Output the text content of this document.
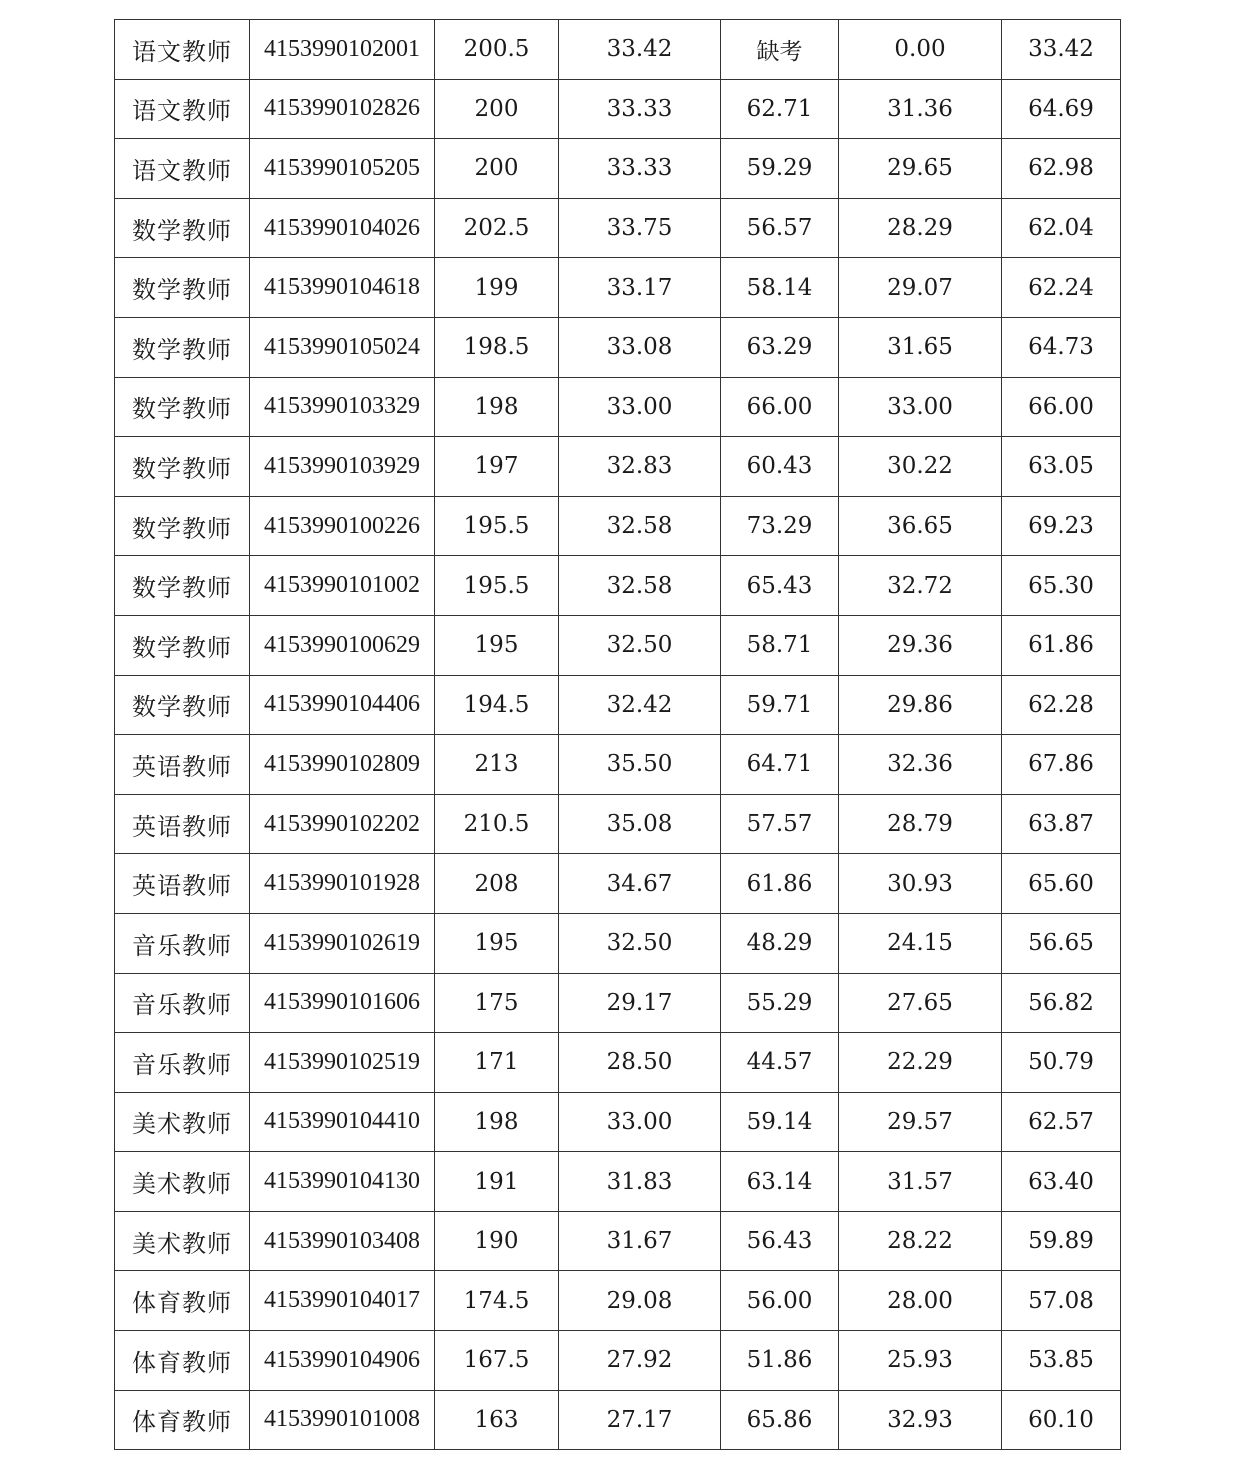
语文教师	4153990102001	200.5	33.42	缺考	0.00	33.42
语文教师	4153990102826	200	33.33	62.71	31.36	64.69
语文教师	4153990105205	200	33.33	59.29	29.65	62.98
数学教师	4153990104026	202.5	33.75	56.57	28.29	62.04
数学教师	4153990104618	199	33.17	58.14	29.07	62.24
数学教师	4153990105024	198.5	33.08	63.29	31.65	64.73
数学教师	4153990103329	198	33.00	66.00	33.00	66.00
数学教师	4153990103929	197	32.83	60.43	30.22	63.05
数学教师	4153990100226	195.5	32.58	73.29	36.65	69.23
数学教师	4153990101002	195.5	32.58	65.43	32.72	65.30
数学教师	4153990100629	195	32.50	58.71	29.36	61.86
数学教师	4153990104406	194.5	32.42	59.71	29.86	62.28
英语教师	4153990102809	213	35.50	64.71	32.36	67.86
英语教师	4153990102202	210.5	35.08	57.57	28.79	63.87
英语教师	4153990101928	208	34.67	61.86	30.93	65.60
音乐教师	4153990102619	195	32.50	48.29	24.15	56.65
音乐教师	4153990101606	175	29.17	55.29	27.65	56.82
音乐教师	4153990102519	171	28.50	44.57	22.29	50.79
美术教师	4153990104410	198	33.00	59.14	29.57	62.57
美术教师	4153990104130	191	31.83	63.14	31.57	63.40
美术教师	4153990103408	190	31.67	56.43	28.22	59.89
体育教师	4153990104017	174.5	29.08	56.00	28.00	57.08
体育教师	4153990104906	167.5	27.92	51.86	25.93	53.85
体育教师	4153990101008	163	27.17	65.86	32.93	60.10
